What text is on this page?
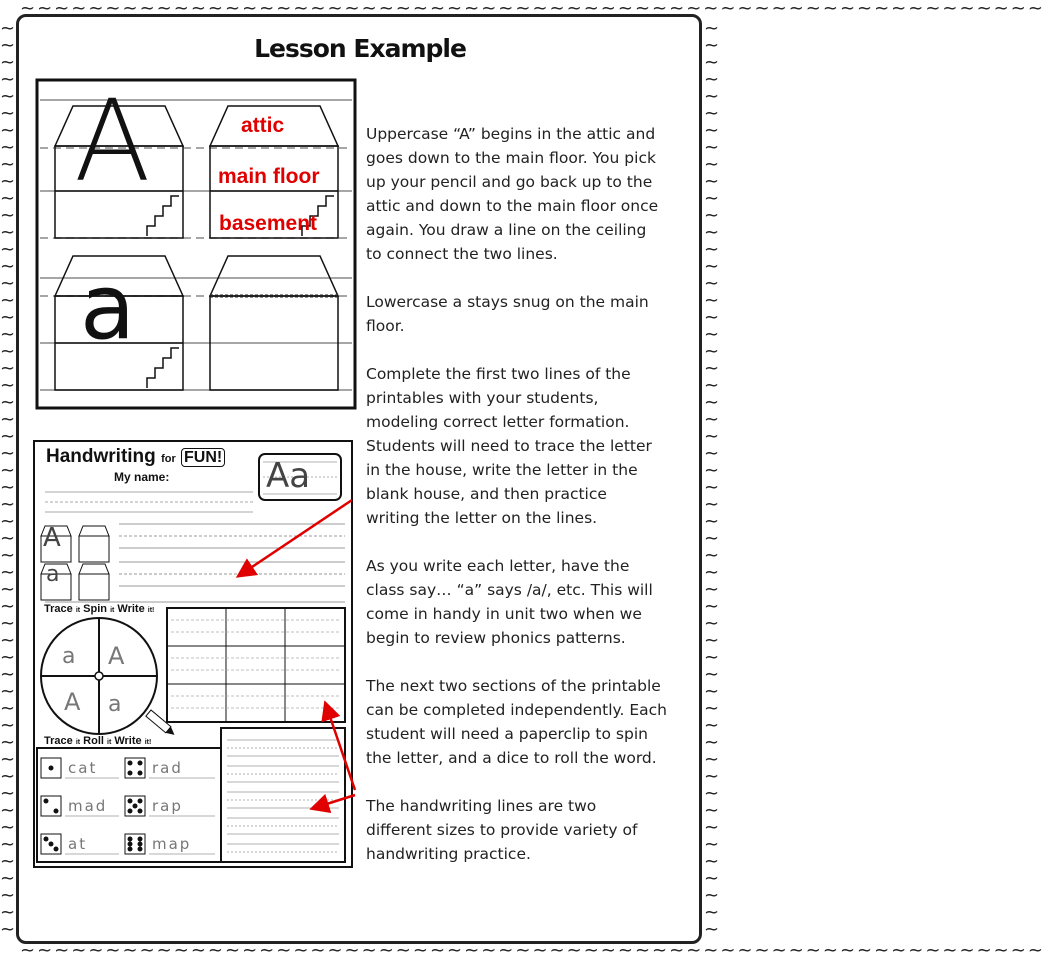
~
~
~
~
~
~
~
~
~
~
~
~
~
~
~
~
~
~
~
~
~
~
~
~
~
~
~
~
~
~
~
~
~
~
~
~
~
~
~
~
~
~
~
~
~
~
~
~
~
~
~
~
~
~
~
~
~
~
~
~
~
~
~
~
~
~
~
~
~
~
~
~
~
~
~
~
~
~
~
~
~
~
~
~
~
~
~
~
~
~
~
~
~
~
~
~
~
~
~
~
~
~
~
~
~
~
~
~
~~~~~~~~~~~~~~~~~~~~~~~~~~~~~~~~~~~~~~~~~~~~~~~~~~~~~~~~~~~~
~~~~~~~~~~~~~~~~~~~~~~~~~~~~~~~~~~~~~~~~~~~~~~~~~~~~~~~~~~~~
Lesson Example
A
a
attic
main floor
basement
Handwriting for FUN!
My name:	Aa
A
a
Trace it Spin it Write it!
a A
A a
Trace it Roll it Write it!
cat	rad
mad	rap
at	map
Uppercase “A” begins in the attic and
goes down to the main floor. You pick
up your pencil and go back up to the
attic and down to the main floor once
again. You draw a line on the ceiling
to connect the two lines.
Lowercase a stays snug on the main
floor.
Complete the first two lines of the
printables with your students,
modeling correct letter formation.
Students will need to trace the letter
in the house, write the letter in the
blank house, and then practice
writing the letter on the lines.
As you write each letter, have the
class say… “a” says /a/, etc. This will
come in handy in unit two when we
begin to review phonics patterns.
The next two sections of the printable
can be completed independently. Each
student will need a paperclip to spin
the letter, and a dice to roll the word.
The handwriting lines are two
different sizes to provide variety of
handwriting practice.
